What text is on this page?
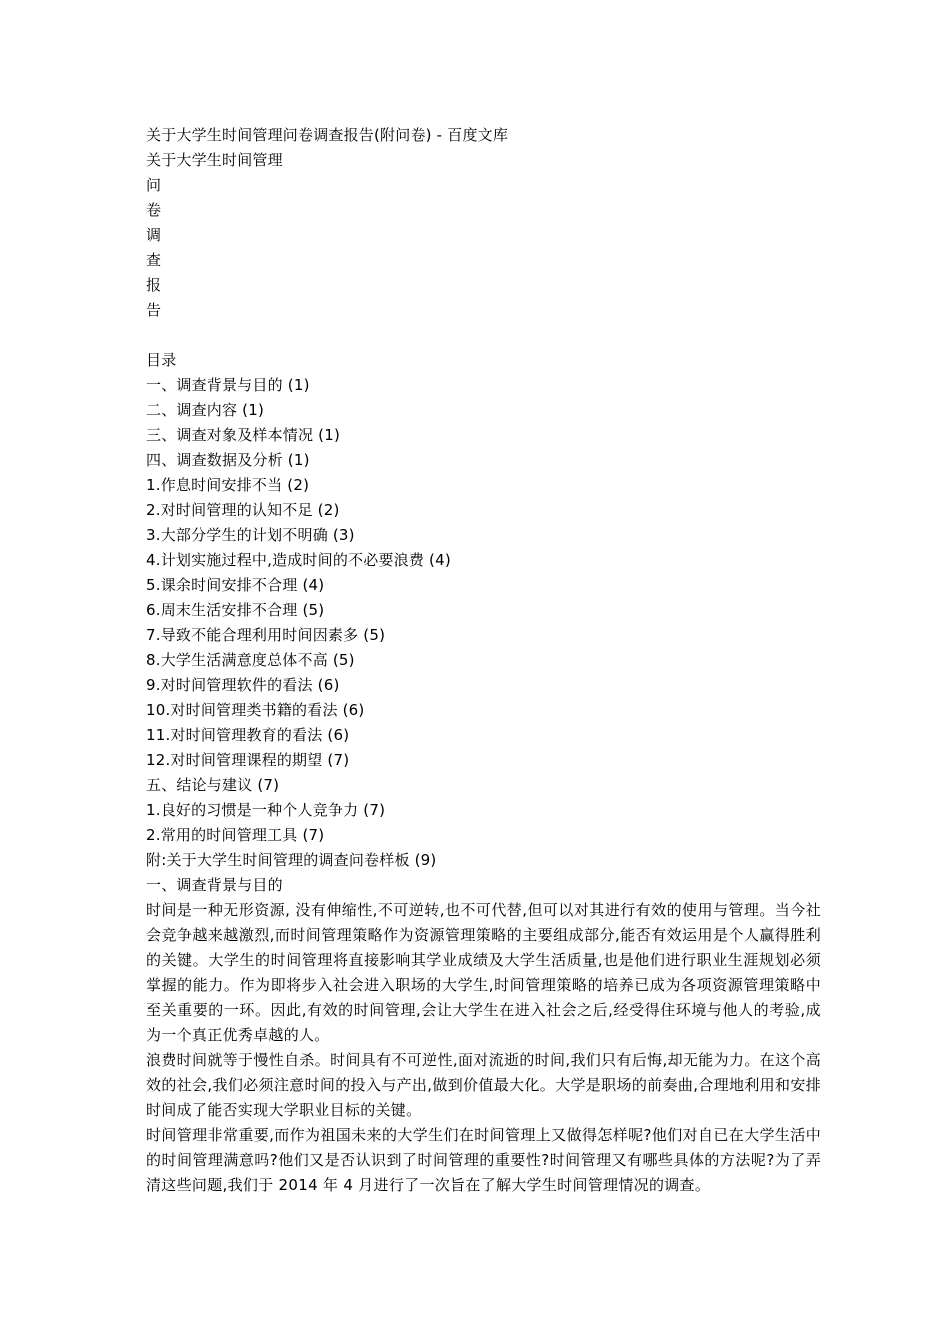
关于大学生时间管理问卷调查报告(附问卷) - 百度文库
关于大学生时间管理
问
卷
调
查
报
告
目录
一、调查背景与目的 (1)
二、调查内容 (1)
三、调查对象及样本情况 (1)
四、调查数据及分析 (1)
1.作息时间安排不当 (2)
2.对时间管理的认知不足 (2)
3.大部分学生的计划不明确 (3)
4.计划实施过程中,造成时间的不必要浪费 (4)
5.课余时间安排不合理 (4)
6.周末生活安排不合理 (5)
7.导致不能合理利用时间因素多 (5)
8.大学生活满意度总体不高 (5)
9.对时间管理软件的看法 (6)
10.对时间管理类书籍的看法 (6)
11.对时间管理教育的看法 (6)
12.对时间管理课程的期望 (7)
五、结论与建议 (7)
1.良好的习惯是一种个人竞争力 (7)
2.常用的时间管理工具 (7)
附:关于大学生时间管理的调查问卷样板 (9)
一、调查背景与目的

时间是一种无形资源, 没有伸缩性,不可逆转,也不可代替,但可以对其进行有效的使用与管理。当今社会竞争越来越激烈,而时间管理策略作为资源管理策略的主要组成部分,能否有效运用是个人赢得胜利的关键。大学生的时间管理将直接影响其学业成绩及大学生活质量,也是他们进行职业生涯规划必须掌握的能力。作为即将步入社会进入职场的大学生,时间管理策略的培养已成为各项资源管理策略中至关重要的一环。因此,有效的时间管理,会让大学生在进入社会之后,经受得住环境与他人的考验,成为一个真正优秀卓越的人。

浪费时间就等于慢性自杀。时间具有不可逆性,面对流逝的时间,我们只有后悔,却无能为力。在这个高效的社会,我们必须注意时间的投入与产出,做到价值最大化。大学是职场的前奏曲,合理地利用和安排时间成了能否实现大学职业目标的关键。

时间管理非常重要,而作为祖国未来的大学生们在时间管理上又做得怎样呢?他们对自已在大学生活中的时间管理满意吗?他们又是否认识到了时间管理的重要性?时间管理又有哪些具体的方法呢?为了弄清这些问题,我们于 2014 年 4 月进行了一次旨在了解大学生时间管理情况的调查。
